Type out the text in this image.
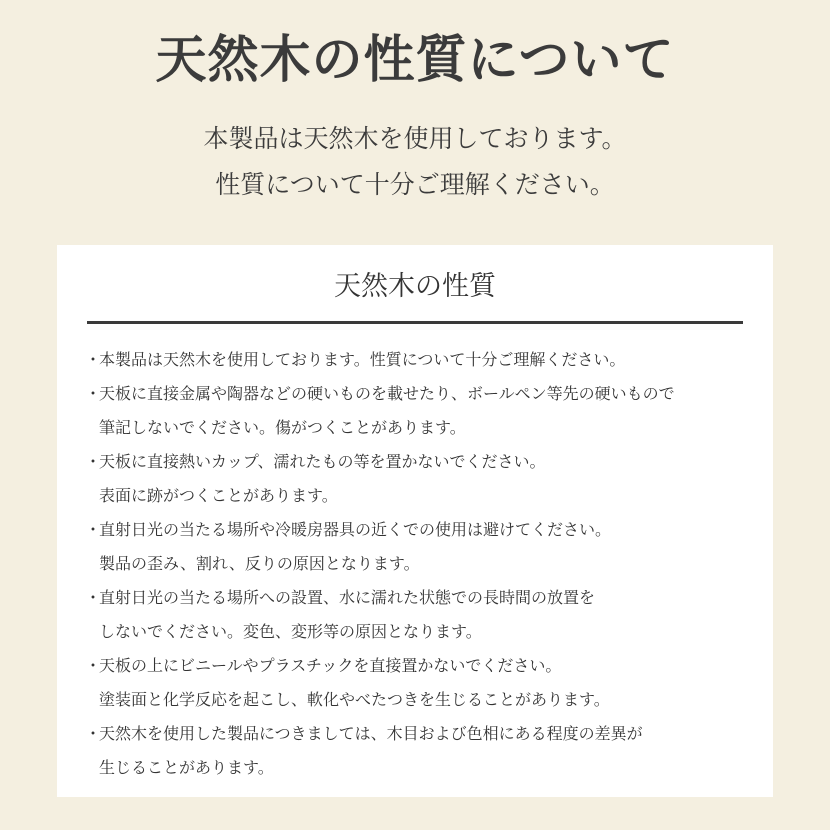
天然木の性質について
本製品は天然木を使用しております。
性質について十分ご理解ください。
天然木の性質
・
本製品は天然木を使用しております。性質について十分ご理解ください。
・
天板に直接金属や陶器などの硬いものを載せたり、ボールペン等先の硬いもので
筆記しないでください。傷がつくことがあります。
・
天板に直接熱いカップ、濡れたもの等を置かないでください。
表面に跡がつくことがあります。
・
直射日光の当たる場所や冷暖房器具の近くでの使用は避けてください。
製品の歪み、割れ、反りの原因となります。
・
直射日光の当たる場所への設置、水に濡れた状態での長時間の放置を
しないでください。変色、変形等の原因となります。
・
天板の上にビニールやプラスチックを直接置かないでください。
塗装面と化学反応を起こし、軟化やべたつきを生じることがあります。
・
天然木を使用した製品につきましては、木目および色相にある程度の差異が
生じることがあります。
